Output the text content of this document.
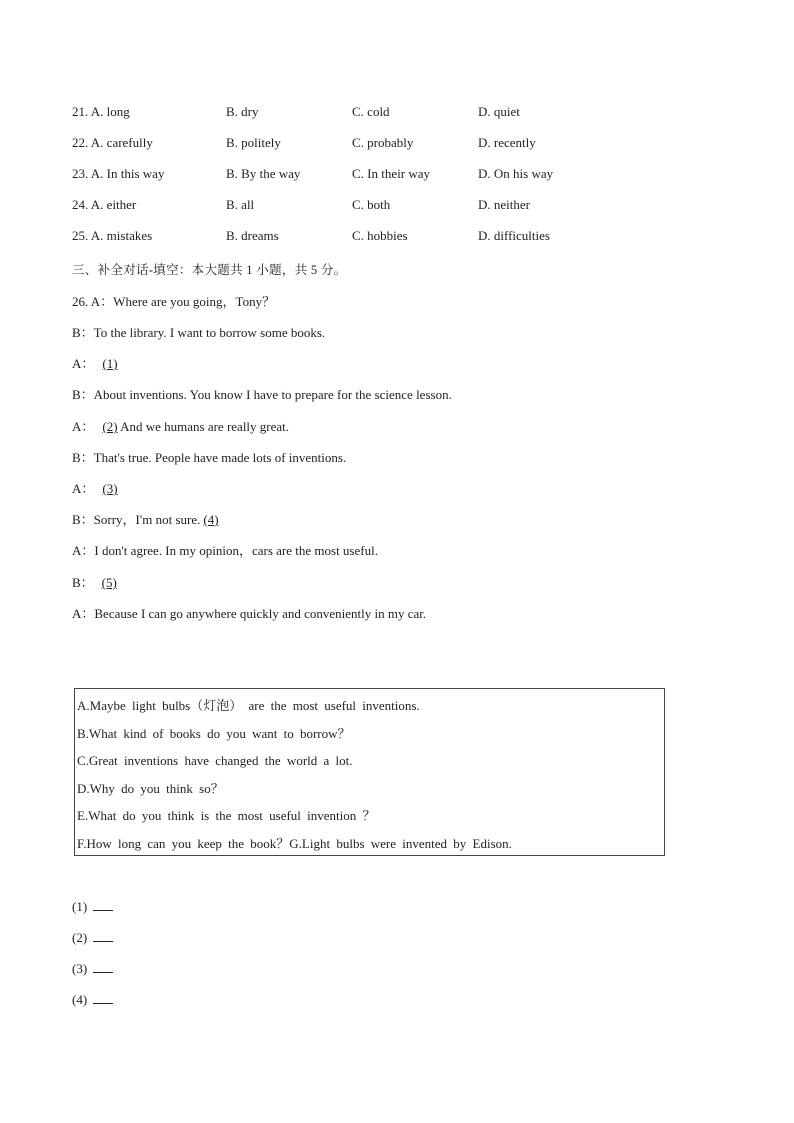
21. A. long	B. dry	C. cold	D. quiet
22. A. carefully	B. politely	C. probably	D. recently
23. A. In this way	B. By the way	C. In their way	D. On his way
24. A. either	B. all	C. both	D. neither
25. A. mistakes	B. dreams	C. hobbies	D. difficulties
三、补全对话-填空：本大题共 1 小题，共 5 分。
26. A：Where are you going，Tony？
B：To the library. I want to borrow some books.
A： (1)
B：About inventions. You know I have to prepare for the science lesson.
A： (2) And we humans are really great.
B：That's true. People have made lots of inventions.
A： (3)
B：Sorry，I'm not sure. (4)
A：I don't agree. In my opinion，cars are the most useful.
B： (5)
A：Because I can go anywhere quickly and conveniently in my car.
A.Maybe light bulbs（灯泡） are the most useful inventions.
B.What kind of books do you want to borrow？
C.Great inventions have changed the world a lot.
D.Why do you think so？
E.What do you think is the most useful invention ？
F.How long can you keep the book？G.Light bulbs were invented by Edison.
(1)
(2)
(3)
(4)
